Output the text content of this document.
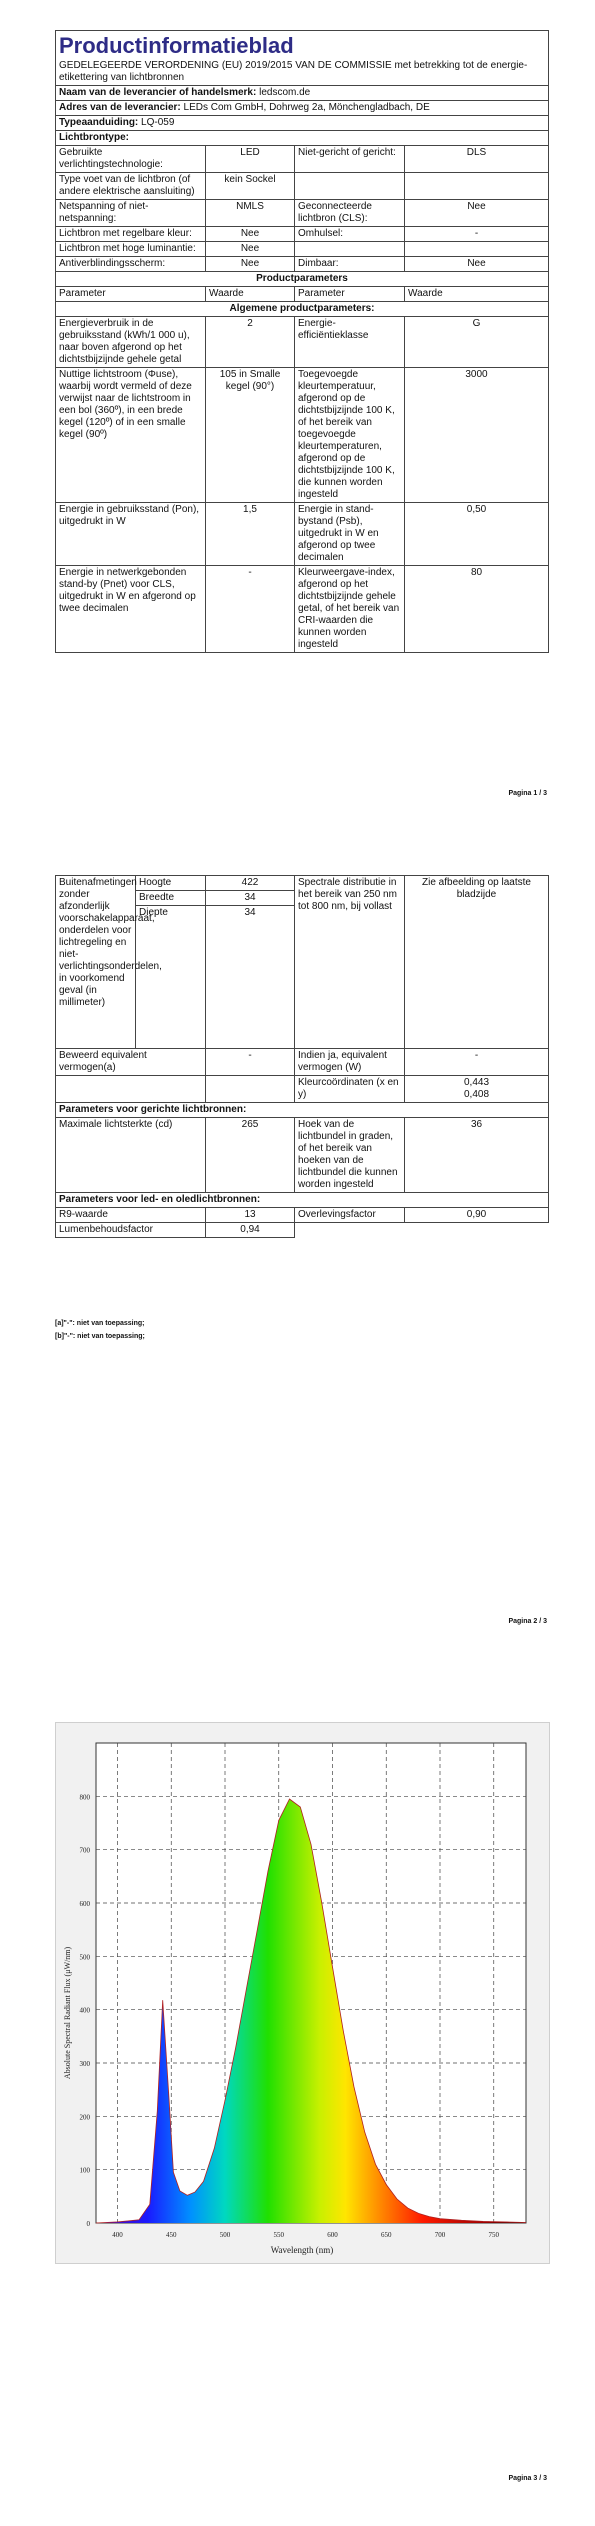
Productinformatieblad			
GEDELEGEERDE VERORDENING (EU) 2019/2015 VAN DE COMMISSIE met betrekking tot de energie-etikettering van lichtbronnen			
Naam van de leverancier of handelsmerk: ledscom.de			
Adres van de leverancier: LEDs Com GmbH, Dohrweg 2a, Mönchengladbach, DE			
Typeaanduiding: LQ-059			
Lichtbrontype:			
Gebruikte verlichtingstechnologie:	LED	Niet-gericht of gericht:	DLS
Type voet van de lichtbron (of andere elektrische aansluiting)	kein Sockel		
Netspanning of niet-netspanning:	NMLS	Geconnecteerde lichtbron (CLS):	Nee
Lichtbron met regelbare kleur:	Nee	Omhulsel:	-
Lichtbron met hoge luminantie:	Nee		
Antiverblindingsscherm:	Nee	Dimbaar:	Nee
Productparameters			
Parameter	Waarde	Parameter	Waarde
Algemene productparameters:			
Energieverbruik in de gebruiksstand (kWh/1 000 u), naar boven afgerond op het dichtstbijzijnde gehele getal	2	Energie-efficiëntieklasse	G
Nuttige lichtstroom (Φuse), waarbij wordt vermeld of deze verwijst naar de lichtstroom in een bol (360º), in een brede kegel (120º) of in een smalle kegel (90º)	105 in Smalle kegel (90°)	Toegevoegde kleurtemperatuur, afgerond op de dichtstbijzijnde 100 K, of het bereik van toegevoegde kleurtemperaturen, afgerond op de dichtstbijzijnde 100 K, die kunnen worden ingesteld	3000
Energie in gebruiksstand (Pon), uitgedrukt in W	1,5	Energie in stand-bystand (Psb), uitgedrukt in W en afgerond op twee decimalen	0,50
Energie in netwerkgebonden stand-by (Pnet) voor CLS, uitgedrukt in W en afgerond op twee decimalen	-	Kleurweergave-index, afgerond op het dichtstbijzijnde gehele getal, of het bereik van CRI-waarden die kunnen worden ingesteld	80
Pagina 1 / 3
Buitenafmetingen zonder afzonderlijk voorschakelapparaat, onderdelen voor lichtregeling en niet-verlichtingsonderdelen, in voorkomend geval (in millimeter)	Hoogte	422	Spectrale distributie in het bereik van 250 nm tot 800 nm, bij vollast	Zie afbeelding op laatste bladzijde
	Breedte	34		
	Diepte	34		
Beweerd equivalent vermogen(a)		-	Indien ja, equivalent vermogen (W)	-
			Kleurcoördinaten (x en y)	0,443
0,408

Parameters voor gerichte lichtbronnen:				
Maximale lichtsterkte (cd)		265	Hoek van de lichtbundel in graden, of het bereik van hoeken van de lichtbundel die kunnen worden ingesteld	36
Parameters voor led- en oledlichtbronnen:				
R9-waarde		13	Overlevingsfactor	0,90
Lumenbehoudsfactor		0,94		
[a]"-": niet van toepassing;
[b]"-": niet van toepassing;
Pagina 2 / 3
400	450	500	550	600	650	700	750
0
100
200
300
400
500
600
700
800
Wavelength (nm)
Absolute Spectral Radiant Flux (μW/nm)
Pagina 3 / 3
